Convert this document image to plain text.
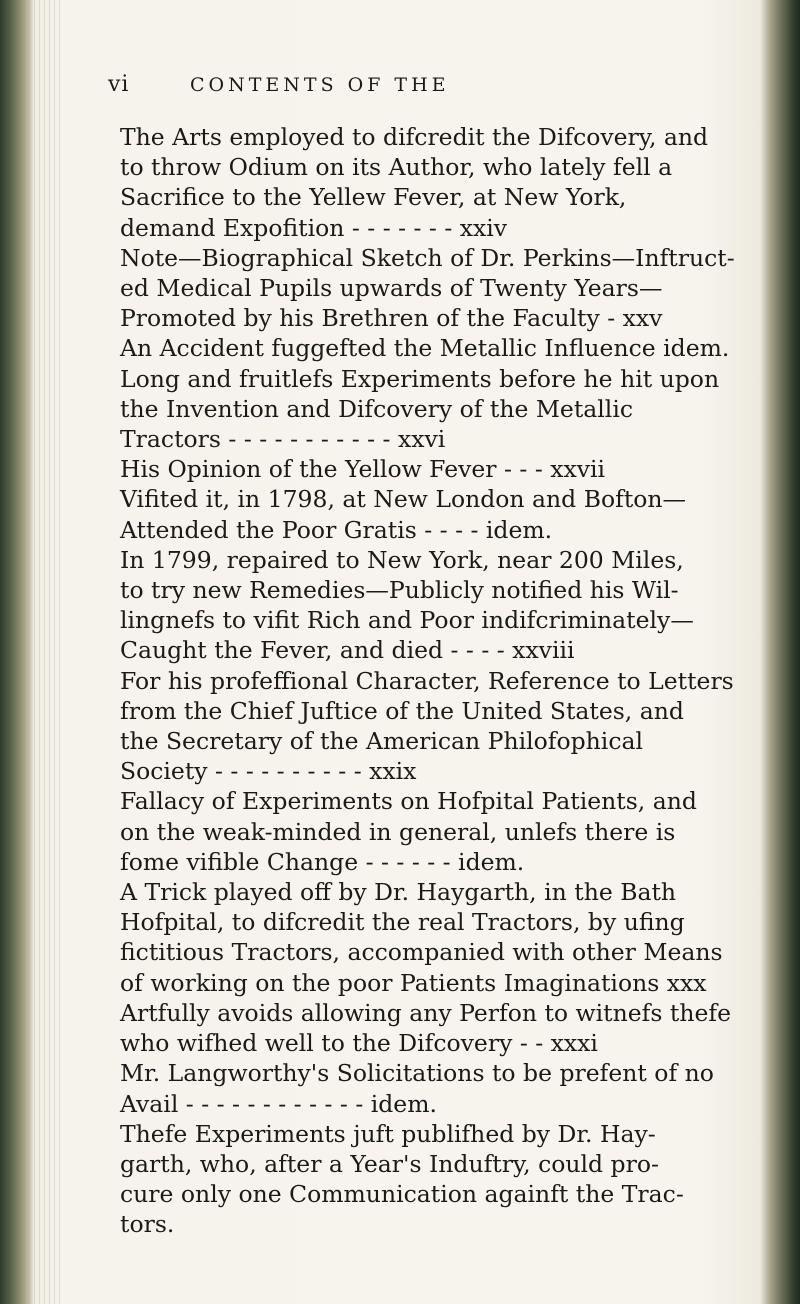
vi	CONTENTS OF THE
The Arts employed to difcredit the Difcovery, and
to throw Odium on its Author, who lately fell a
Sacrifice to the Yellew Fever, at New York,
demand Expofition - - - - - - - xxiv
Note—Biographical Sketch of Dr. Perkins—Inftruct-
ed Medical Pupils upwards of Twenty Years—
Promoted by his Brethren of the Faculty - xxv
An Accident fuggefted the Metallic Influence idem.
Long and fruitlefs Experiments before he hit upon
the Invention and Difcovery of the Metallic
Tractors - - - - - - - - - - - xxvi
His Opinion of the Yellow Fever - - - xxvii
Vifited it, in 1798, at New London and Bofton—
Attended the Poor Gratis - - - - idem.
In 1799, repaired to New York, near 200 Miles,
to try new Remedies—Publicly notified his Wil-
lingnefs to vifit Rich and Poor indifcriminately—
Caught the Fever, and died - - - - xxviii
For his profeffional Character, Reference to Letters
from the Chief Juftice of the United States, and
the Secretary of the American Philofophical
Society - - - - - - - - - - xxix
Fallacy of Experiments on Hofpital Patients, and
on the weak-minded in general, unlefs there is
fome vifible Change - - - - - - idem.
A Trick played off by Dr. Haygarth, in the Bath
Hofpital, to difcredit the real Tractors, by ufing
fictitious Tractors, accompanied with other Means
of working on the poor Patients Imaginations xxx
Artfully avoids allowing any Perfon to witnefs thefe
who wifhed well to the Difcovery - - xxxi
Mr. Langworthy's Solicitations to be prefent of no
Avail - - - - - - - - - - - - idem.
Thefe Experiments juft publifhed by Dr. Hay-
garth, who, after a Year's Induftry, could pro-
cure only one Communication againft the Trac-
tors.
